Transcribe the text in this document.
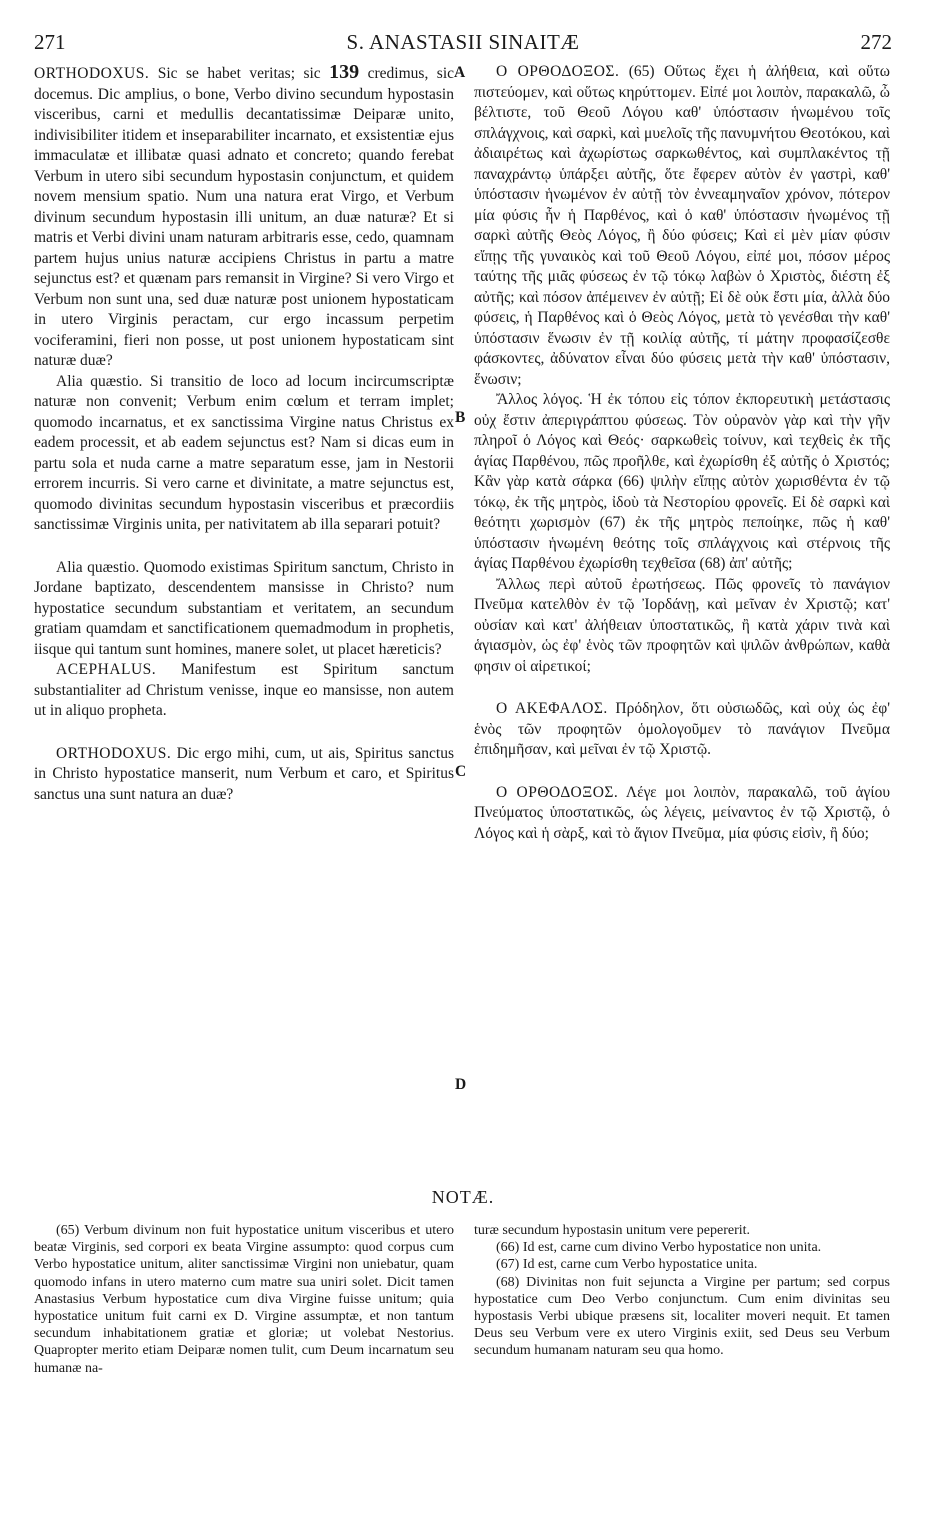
271	S. ANASTASII SINAITÆ	272
A
B
C
D

ORTHODOXUS. Sic se habet veritas; sic 139 credimus, sic docemus. Dic amplius, o bone, Verbo divino secundum hypostasin visceribus, carni et medullis decantatissimæ Deiparæ unito, indivisibiliter itidem et inseparabiliter incarnato, et exsistentiæ ejus immaculatæ et illibatæ quasi adnato et concreto; quando ferebat Verbum in utero sibi secundum hypostasin conjunctum, et quidem novem mensium spatio. Num una natura erat Virgo, et Verbum divinum secundum hypostasin illi unitum, an duæ naturæ? Et si matris et Verbi divini unam naturam arbitraris esse, cedo, quamnam partem hujus unius naturæ accipiens Christus in partu a matre sejunctus est? et quænam pars remansit in Virgine? Si vero Virgo et Verbum non sunt una, sed duæ naturæ post unionem hypostaticam in utero Virginis peractam, cur ergo incassum perpetim vociferamini, fieri non posse, ut post unionem hypostaticam sint naturæ duæ?

Alia quæstio. Si transitio de loco ad locum incircumscriptæ naturæ non convenit; Verbum enim cœlum et terram implet; quomodo incarnatus, et ex sanctissima Virgine natus Christus ex eadem processit, et ab eadem sejunctus est? Nam si dicas eum in partu sola et nuda carne a matre separatum esse, jam in Nestorii errorem incurris. Si vero carne et divinitate, a matre sejunctus est, quomodo divinitas secundum hypostasin visceribus et præcordiis sanctissimæ Virginis unita, per nativitatem ab illa separari potuit?

Alia quæstio. Quomodo existimas Spiritum sanctum, Christo in Jordane baptizato, descendentem mansisse in Christo? num hypostatice secundum substantiam et veritatem, an secundum gratiam quamdam et sanctificationem quemadmodum in prophetis, iisque qui tantum sunt homines, manere solet, ut placet hæreticis?

ACEPHALUS. Manifestum est Spiritum sanctum substantialiter ad Christum venisse, inque eo mansisse, non autem ut in aliquo propheta.

ORTHODOXUS. Dic ergo mihi, cum, ut ais, Spiritus sanctus in Christo hypostatice manserit, num Verbum et caro, et Spiritus sanctus una sunt natura an duæ?

Ο ΟΡΘΟΔΟΞΟΣ. (65) Οὕτως ἔχει ἡ ἀλήθεια, καὶ οὕτω πιστεύομεν, καὶ οὕτως κηρύττομεν. Εἰπέ μοι λοιπὸν, παρακαλῶ, ὦ βέλτιστε, τοῦ Θεοῦ Λόγου καθ' ὑπόστασιν ἡνωμένου τοῖς σπλάγχνοις, καὶ σαρκὶ, καὶ μυελοῖς τῆς πανυμνήτου Θεοτόκου, καὶ ἀδιαιρέτως καὶ ἀχωρίστως σαρκωθέντος, καὶ συμπλακέντος τῇ παναχράντῳ ὑπάρξει αὐτῆς, ὅτε ἔφερεν αὐτὸν ἐν γαστρὶ, καθ' ὑπόστασιν ἡνωμένον ἐν αὐτῇ τὸν ἐννεαμηναῖον χρόνον, πότερον μία φύσις ἦν ἡ Παρθένος, καὶ ὁ καθ' ὑπόστασιν ἡνωμένος τῇ σαρκὶ αὐτῆς Θεὸς Λόγος, ἢ δύο φύσεις; Καὶ εἰ μὲν μίαν φύσιν εἴπῃς τῆς γυναικὸς καὶ τοῦ Θεοῦ Λόγου, εἰπέ μοι, πόσον μέρος ταύτης τῆς μιᾶς φύσεως ἐν τῷ τόκῳ λαβὼν ὁ Χριστὸς, διέστη ἐξ αὐτῆς; καὶ πόσον ἀπέμεινεν ἐν αὐτῇ; Εἰ δὲ οὐκ ἔστι μία, ἀλλὰ δύο φύσεις, ἡ Παρθένος καὶ ὁ Θεὸς Λόγος, μετὰ τὸ γενέσθαι τὴν καθ' ὑπόστασιν ἕνωσιν ἐν τῇ κοιλίᾳ αὐτῆς, τί μάτην προφασίζεσθε φάσκοντες, ἀδύνατον εἶναι δύο φύσεις μετὰ τὴν καθ' ὑπόστασιν, ἕνωσιν;

Ἄλλος λόγος. Ἡ ἐκ τόπου εἰς τόπον ἐκπορευτικὴ μετάστασις οὐχ ἔστιν ἀπεριγράπτου φύσεως. Τὸν οὐρανὸν γὰρ καὶ τὴν γῆν πληροῖ ὁ Λόγος καὶ Θεός· σαρκωθεὶς τοίνυν, καὶ τεχθεὶς ἐκ τῆς ἁγίας Παρθένου, πῶς προῆλθε, καὶ ἐχωρίσθη ἐξ αὐτῆς ὁ Χριστός; Κἂν γὰρ κατὰ σάρκα (66) ψιλὴν εἴπῃς αὐτὸν χωρισθέντα ἐν τῷ τόκῳ, ἐκ τῆς μητρὸς, ἰδοὺ τὰ Νεστορίου φρονεῖς. Εἰ δὲ σαρκὶ καὶ θεότητι χωρισμὸν (67) ἐκ τῆς μητρὸς πεποίηκε, πῶς ἡ καθ' ὑπόστασιν ἡνωμένη θεότης τοῖς σπλάγχνοις καὶ στέρνοις τῆς ἁγίας Παρθένου ἐχωρίσθη τεχθεῖσα (68) ἀπ' αὐτῆς;

Ἄλλως περὶ αὐτοῦ ἐρωτήσεως. Πῶς φρονεῖς τὸ πανάγιον Πνεῦμα κατελθὸν ἐν τῷ Ἰορδάνῃ, καὶ μεῖναν ἐν Χριστῷ; κατ' οὐσίαν καὶ κατ' ἀλήθειαν ὑποστατικῶς, ἢ κατὰ χάριν τινὰ καὶ ἁγιασμὸν, ὡς ἐφ' ἑνὸς τῶν προφητῶν καὶ ψιλῶν ἀνθρώπων, καθὰ φησιν οἱ αἱρετικοί;

Ο ΑΚΕΦΑΛΟΣ. Πρόδηλον, ὅτι οὐσιωδῶς, καὶ οὐχ ὡς ἐφ' ἑνὸς τῶν προφητῶν ὁμολογοῦμεν τὸ πανάγιον Πνεῦμα ἐπιδημῆσαν, καὶ μεῖναι ἐν τῷ Χριστῷ.

Ο ΟΡΘΟΔΟΞΟΣ. Λέγε μοι λοιπὸν, παρακαλῶ, τοῦ ἁγίου Πνεύματος ὑποστατικῶς, ὡς λέγεις, μείναντος ἐν τῷ Χριστῷ, ὁ Λόγος καὶ ἡ σὰρξ, καὶ τὸ ἅγιον Πνεῦμα, μία φύσις εἰσὶν, ἢ δύο;

NOTÆ.

(65) Verbum divinum non fuit hypostatice unitum visceribus et utero beatæ Virginis, sed corpori ex beata Virgine assumpto: quod corpus cum Verbo hypostatice unitum, aliter sanctissimæ Virgini non uniebatur, quam quomodo infans in utero materno cum matre sua uniri solet. Dicit tamen Anastasius Verbum hypostatice cum diva Virgine fuisse unitum; quia hypostatice unitum fuit carni ex D. Virgine assumptæ, et non tantum secundum inhabitationem gratiæ et gloriæ; ut volebat Nestorius. Quapropter merito etiam Deiparæ nomen tulit, cum Deum incarnatum seu humanæ na-

turæ secundum hypostasin unitum vere pepererit.

(66) Id est, carne cum divino Verbo hypostatice non unita.

(67) Id est, carne cum Verbo hypostatice unita.

(68) Divinitas non fuit sejuncta a Virgine per partum; sed corpus hypostatice cum Deo Verbo conjunctum. Cum enim divinitas seu hypostasis Verbi ubique præsens sit, localiter moveri nequit. Et tamen Deus seu Verbum vere ex utero Virginis exiit, sed Deus seu Verbum secundum humanam naturam seu qua homo.
